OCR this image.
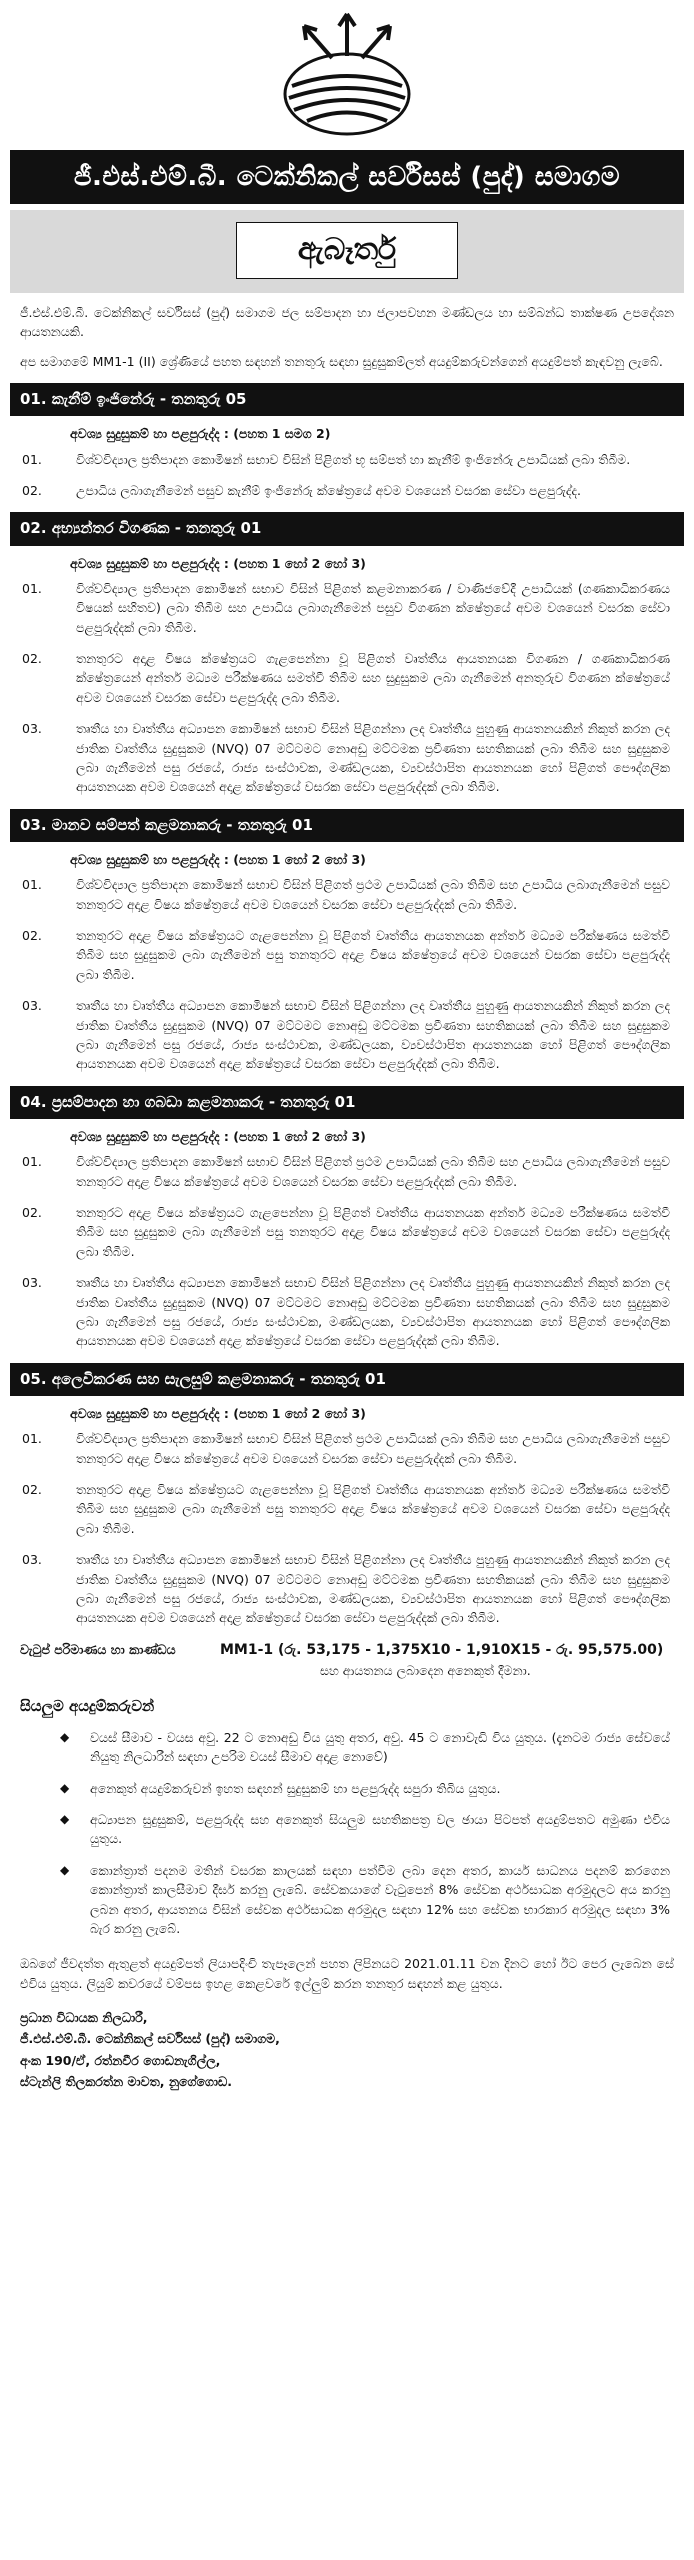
ජී.එස්.එම්.බී. ටෙක්නිකල් සර්විසස් (පුද්) සමාගම
ඇබෑර්තු

ජී.එස්.එම්.බී. ටෙක්නිකල් සර්විසස් (පුද්) සමාගම ජල සම්පාදන හා ජලාපවහන මණ්ඩලය හා සම්බන්ධ තාක්ෂණ උපදේශන ආයතනයකි.

අප සමාගමේ MM1-1 (II) ශ්‍රේණියේ පහත සඳහන් තනතුරු සඳහා සුදුසුකම්ලත් අයදුම්කරුවන්ගෙන් අයදුම්පත් කැඳවනු ලැබේ.

01. කැනීම් ඉංජිනේරු - තනතුරු 05
අවශ්‍ය සුදුසුකම් හා පළපුරුද්ද : (පහත 1 සමග 2)
01.	විශ්වවිද්‍යාල ප්‍රතිපාදන කොමිෂන් සභාව විසින් පිළිගත් භූ සම්පත් හා කැනීම් ඉංජිනේරු උපාධියක් ලබා තිබීම.
02.	උපාධිය ලබාගැනීමෙන් පසුව කැනීම් ඉංජිනේරු ක්ෂේත්‍රයේ අවම වශයෙන් වසරක සේවා පළපුරුද්ද.
02. අභ්‍යන්තර විගණක - තනතුරු 01
අවශ්‍ය සුදුසුකම් හා පළපුරුද්ද : (පහත 1 හෝ 2 හෝ 3)
01.	විශ්වවිද්‍යාල ප්‍රතිපාදන කොමිෂන් සභාව විසින් පිළිගත් කළමනාකරණ / වාණිජවේදී උපාධියක් (ගණකාධිකරණය විෂයක් සහිතව) ලබා තිබීම සහ උපාධිය ලබාගැනීමෙන් පසුව විගණන ක්ෂේත්‍රයේ අවම වශයෙන් වසරක සේවා පළපුරුද්දක් ලබා තිබීම.
02.	තනතුරට අදාළ විෂය ක්ෂේත්‍රයට ගැළපෙන්නා වූ පිළිගත් වෘත්තීය ආයතනයක විගණන / ගණකාධිකරණ ක්ෂේත්‍රයෙන් අන්තර් මධ්‍යම පරීක්ෂණය සමත්වී තිබීම සහ සුදුසුකම ලබා ගැනීමෙන් අනතුරුව විගණන ක්ෂේත්‍රයේ අවම වශයෙන් වසරක සේවා පළපුරුද්ද ලබා තිබීම.
03.	තෘතීය හා වෘත්තීය අධ්‍යාපන කොමිෂන් සභාව විසින් පිළිගන්නා ලද වෘත්තීය පුහුණු ආයතනයකින් නිකුත් කරන ලද ජාතික වෘත්තීය සුදුසුකම (NVQ) 07 මට්ටමට නොඅඩු මට්ටමක ප්‍රවීණතා සහතිකයක් ලබා තිබීම සහ සුදුසුකම ලබා ගැනීමෙන් පසු රජයේ, රාජ්‍ය සංස්ථාවක, මණ්ඩලයක, ව්‍යවස්ථාපිත ආයතනයක හෝ පිළිගත් පෞද්ගලික ආයතනයක අවම වශයෙන් අදාළ ක්ෂේත්‍රයේ වසරක සේවා පළපුරුද්දක් ලබා තිබීම.
03. මානව සම්පත් කළමනාකරු - තනතුරු 01
අවශ්‍ය සුදුසුකම් හා පළපුරුද්ද : (පහත 1 හෝ 2 හෝ 3)
01.	විශ්වවිද්‍යාල ප්‍රතිපාදන කොමිෂන් සභාව විසින් පිළිගත් ප්‍රථම උපාධියක් ලබා තිබීම සහ උපාධිය ලබාගැනීමෙන් පසුව තනතුරට අදාළ විෂය ක්ෂේත්‍රයේ අවම වශයෙන් වසරක සේවා පළපුරුද්දක් ලබා තිබීම.
02.	තනතුරට අදාළ විෂය ක්ෂේත්‍රයට ගැළපෙන්නා වූ පිළිගත් වෘත්තීය ආයතනයක අන්තර් මධ්‍යම පරීක්ෂණය සමත්වී තිබීම සහ සුදුසුකම ලබා ගැනීමෙන් පසු තනතුරට අදාළ විෂය ක්ෂේත්‍රයේ අවම වශයෙන් වසරක සේවා පළපුරුද්ද ලබා තිබීම.
03.	තෘතීය හා වෘත්තීය අධ්‍යාපන කොමිෂන් සභාව විසින් පිළිගන්නා ලද වෘත්තීය පුහුණු ආයතනයකින් නිකුත් කරන ලද ජාතික වෘත්තීය සුදුසුකම (NVQ) 07 මට්ටමට නොඅඩු මට්ටමක ප්‍රවීණතා සහතිකයක් ලබා තිබීම සහ සුදුසුකම ලබා ගැනීමෙන් පසු රජයේ, රාජ්‍ය සංස්ථාවක, මණ්ඩලයක, ව්‍යවස්ථාපිත ආයතනයක හෝ පිළිගත් පෞද්ගලික ආයතනයක අවම වශයෙන් අදාළ ක්ෂේත්‍රයේ වසරක සේවා පළපුරුද්දක් ලබා තිබීම.
04. ප්‍රසම්පාදන හා ගබඩා කළමනාකරු - තනතුරු 01
අවශ්‍ය සුදුසුකම් හා පළපුරුද්ද : (පහත 1 හෝ 2 හෝ 3)
01.	විශ්වවිද්‍යාල ප්‍රතිපාදන කොමිෂන් සභාව විසින් පිළිගත් ප්‍රථම උපාධියක් ලබා තිබීම සහ උපාධිය ලබාගැනීමෙන් පසුව තනතුරට අදාළ විෂය ක්ෂේත්‍රයේ අවම වශයෙන් වසරක සේවා පළපුරුද්දක් ලබා තිබීම.
02.	තනතුරට අදාළ විෂය ක්ෂේත්‍රයට ගැළපෙන්නා වූ පිළිගත් වෘත්තීය ආයතනයක අන්තර් මධ්‍යම පරීක්ෂණය සමත්වී තිබීම සහ සුදුසුකම ලබා ගැනීමෙන් පසු තනතුරට අදාළ විෂය ක්ෂේත්‍රයේ අවම වශයෙන් වසරක සේවා පළපුරුද්ද ලබා තිබීම.
03.	තෘතීය හා වෘත්තීය අධ්‍යාපන කොමිෂන් සභාව විසින් පිළිගන්නා ලද වෘත්තීය පුහුණු ආයතනයකින් නිකුත් කරන ලද ජාතික වෘත්තීය සුදුසුකම (NVQ) 07 මට්ටමට නොඅඩු මට්ටමක ප්‍රවීණතා සහතිකයක් ලබා තිබීම සහ සුදුසුකම ලබා ගැනීමෙන් පසු රජයේ, රාජ්‍ය සංස්ථාවක, මණ්ඩලයක, ව්‍යවස්ථාපිත ආයතනයක හෝ පිළිගත් පෞද්ගලික ආයතනයක අවම වශයෙන් අදාළ ක්ෂේත්‍රයේ වසරක සේවා පළපුරුද්දක් ලබා තිබීම.
05. අලෙවිකරණ සහ සැලසුම් කළමනාකරු - තනතුරු 01
අවශ්‍ය සුදුසුකම් හා පළපුරුද්ද : (පහත 1 හෝ 2 හෝ 3)
01.	විශ්වවිද්‍යාල ප්‍රතිපාදන කොමිෂන් සභාව විසින් පිළිගත් ප්‍රථම උපාධියක් ලබා තිබීම සහ උපාධිය ලබාගැනීමෙන් පසුව තනතුරට අදාළ විෂය ක්ෂේත්‍රයේ අවම වශයෙන් වසරක සේවා පළපුරුද්දක් ලබා තිබීම.
02.	තනතුරට අදාළ විෂය ක්ෂේත්‍රයට ගැළපෙන්නා වූ පිළිගත් වෘත්තීය ආයතනයක අන්තර් මධ්‍යම පරීක්ෂණය සමත්වී තිබීම සහ සුදුසුකම ලබා ගැනීමෙන් පසු තනතුරට අදාළ විෂය ක්ෂේත්‍රයේ අවම වශයෙන් වසරක සේවා පළපුරුද්ද ලබා තිබීම.
03.	තෘතීය හා වෘත්තීය අධ්‍යාපන කොමිෂන් සභාව විසින් පිළිගන්නා ලද වෘත්තීය පුහුණු ආයතනයකින් නිකුත් කරන ලද ජාතික වෘත්තීය සුදුසුකම (NVQ) 07 මට්ටමට නොඅඩු මට්ටමක ප්‍රවීණතා සහතිකයක් ලබා තිබීම සහ සුදුසුකම ලබා ගැනීමෙන් පසු රජයේ, රාජ්‍ය සංස්ථාවක, මණ්ඩලයක, ව්‍යවස්ථාපිත ආයතනයක හෝ පිළිගත් පෞද්ගලික ආයතනයක අවම වශයෙන් අදාළ ක්ෂේත්‍රයේ වසරක සේවා පළපුරුද්දක් ලබා තිබීම.
වැටුප් පරිමාණය හා කාණ්ඩය	MM1-1 (රු. 53,175 - 1,375X10 - 1,910X15 - රු. 95,575.00)
සහ ආයතනය ලබාදෙන අනෙකුත් දීමනා.
සියලුම අයදුම්කරුවන්
◆	වයස් සීමාව - වයස අවු. 22 ට නොඅඩු විය යුතු අතර, අවු. 45 ට නොවැඩි විය යුතුය. (දැනටම රාජ්‍ය සේවයේ නියුතු නිලධාරීන් සඳහා උපරිම වයස් සීමාව අදාළ නොවේ)
◆	අනෙකුත් අයදුම්කරුවන් ඉහත සඳහන් සුදුසුකම් හා පළපුරුද්ද සපුරා තිබිය යුතුය.
◆	අධ්‍යාපන සුදුසුකම්, පළපුරුද්ද සහ අනෙකුත් සියලුම සහතිකපත්‍ර වල ඡායා පිටපත් අයදුම්පතට අමුණා එවිය යුතුය.
◆	කොන්ත්‍රාත් පදනම මතින් වසරක කාලයක් සඳහා පත්වීම ලබා දෙන අතර, කාර්ය සාධනය පදනම් කරගෙන කොන්ත්‍රාත් කාලසීමාව දීර්ඝ කරනු ලැබේ. සේවකයාගේ වැටුපෙන් 8% සේවක අර්ථසාධක අරමුදලට අය කරනු ලබන අතර, ආයතනය විසින් සේවක අර්ථසාධක අරමුදල සඳහා 12% සහ සේවක භාරකාර අරමුදල සඳහා 3% බැර කරනු ලැබේ.

ඔබගේ ජීවදත්ත ඇතුළත් අයදුම්පත් ලියාපදිංචි තැපෑලෙන් පහත ලිපිනයට 2021.01.11 වන දිනට හෝ ඊට පෙර ලැබෙන සේ එවිය යුතුය. ලියුම් කවරයේ වම්පස ඉහළ කෙළවරේ ඉල්ලුම් කරන තනතුර සඳහන් කළ යුතුය.

ප්‍රධාන විධායක නිලධාරී,
ජී.එස්.එම්.බී. ටෙක්නිකල් සර්විසස් (පුද්) සමාගම,
අංක 190/ඒ, රත්නවීර ගොඩනැගිල්ල,
ස්ටැන්ලි තිලකරත්න මාවත, නුගේගොඩ.
